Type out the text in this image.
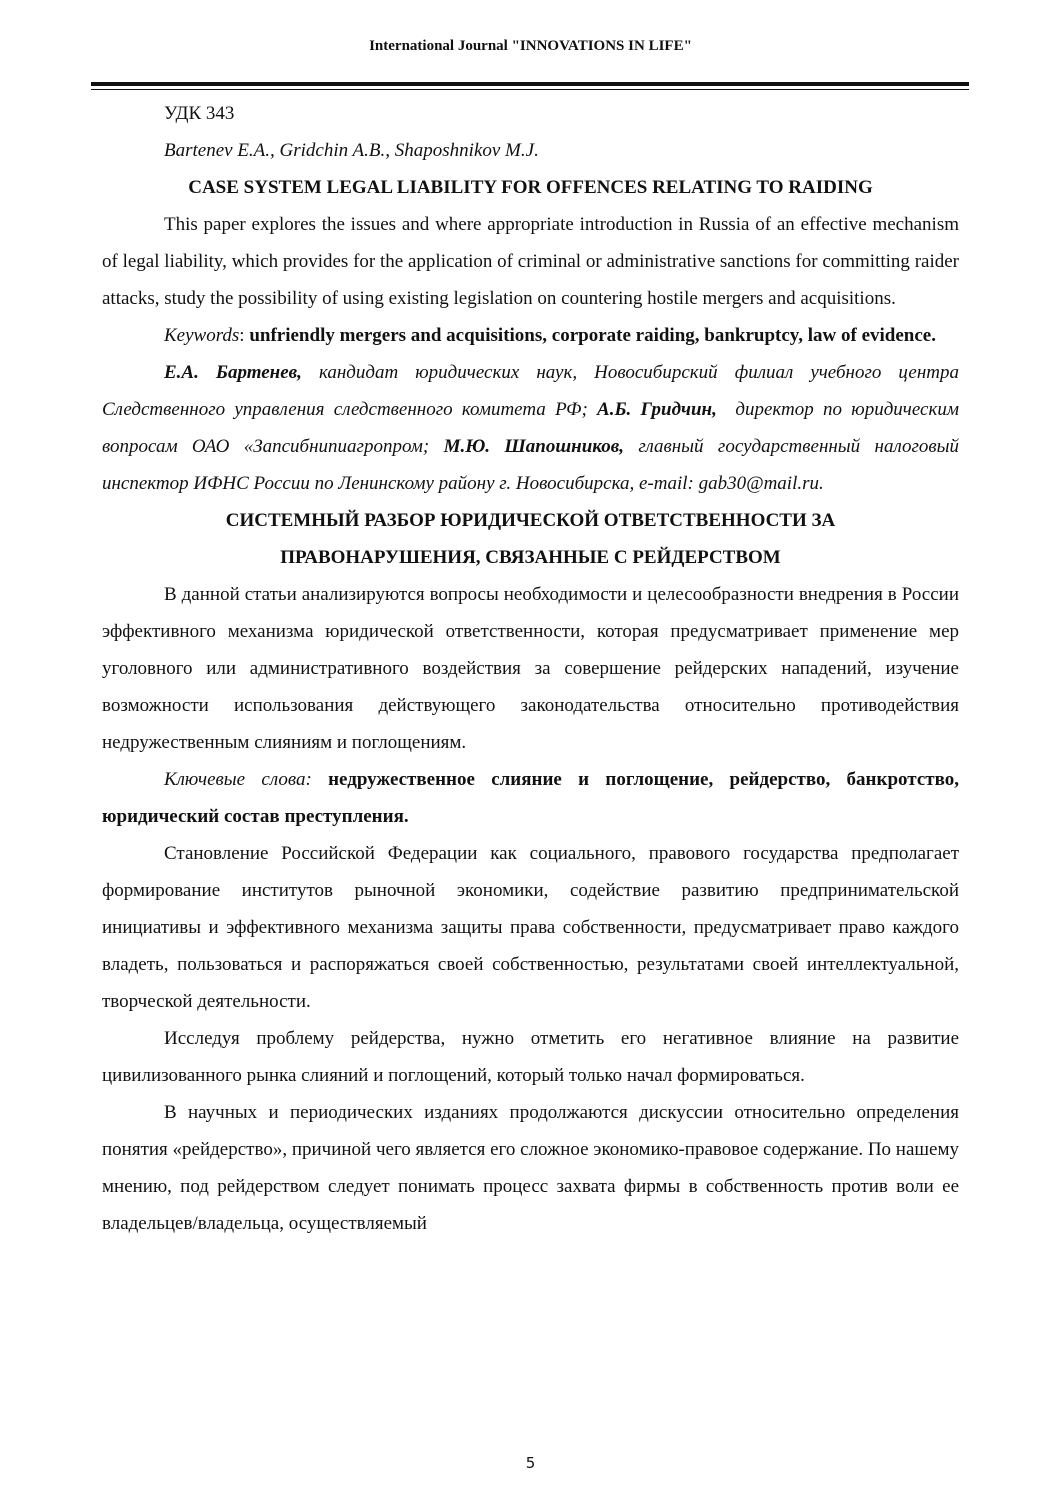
International Journal "INNOVATIONS IN LIFE"

УДК 343

Bartenev E.A., Gridchin A.B., Shaposhnikov M.J.

CASE SYSTEM LEGAL LIABILITY FOR OFFENCES RELATING TO RAIDING

This paper explores the issues and where appropriate introduction in Russia of an effective mechanism of legal liability, which provides for the application of criminal or administrative sanctions for committing raider attacks, study the possibility of using existing legislation on countering hostile mergers and acquisitions.

Keywords: unfriendly mergers and acquisitions, corporate raiding, bankruptcy, law of evidence.

Е.А. Бартенев, кандидат юридических наук, Новосибирский филиал учебного центра Следственного управления следственного комитета РФ; А.Б. Гридчин,  директор по юридическим вопросам ОАО «Запсибнипиагропром; М.Ю. Шапошников, главный государственный налоговый инспектор ИФНС России по Ленинскому району г. Новосибирска, e-mail: gab30@mail.ru.

СИСТЕМНЫЙ РАЗБОР ЮРИДИЧЕСКОЙ ОТВЕТСТВЕННОСТИ ЗА ПРАВОНАРУШЕНИЯ, СВЯЗАННЫЕ С РЕЙДЕРСТВОМ

В данной статьи анализируются вопросы необходимости и целесообразности внедрения в России эффективного механизма юридической ответственности, которая предусматривает применение мер уголовного или административного воздействия за совершение рейдерских нападений, изучение возможности использования действующего законодательства относительно противодействия недружественным слияниям и поглощениям.

Ключевые слова: недружественное слияние и поглощение, рейдерство, банкротство, юридический состав преступления.

Становление Российской Федерации как социального, правового государства предполагает формирование институтов рыночной экономики, содействие развитию предпринимательской инициативы и эффективного механизма защиты права собственности, предусматривает право каждого владеть, пользоваться и распоряжаться своей собственностью, результатами своей интеллектуальной, творческой деятельности.

Исследуя проблему рейдерства, нужно отметить его негативное влияние на развитие цивилизованного рынка слияний и поглощений, который только начал формироваться.

В научных и периодических изданиях продолжаются дискуссии относительно определения понятия «рейдерство», причиной чего является его сложное экономико-правовое содержание. По нашему мнению, под рейдерством следует понимать процесс захвата фирмы в собственность против воли ее владельцев/владельца, осуществляемый

5
